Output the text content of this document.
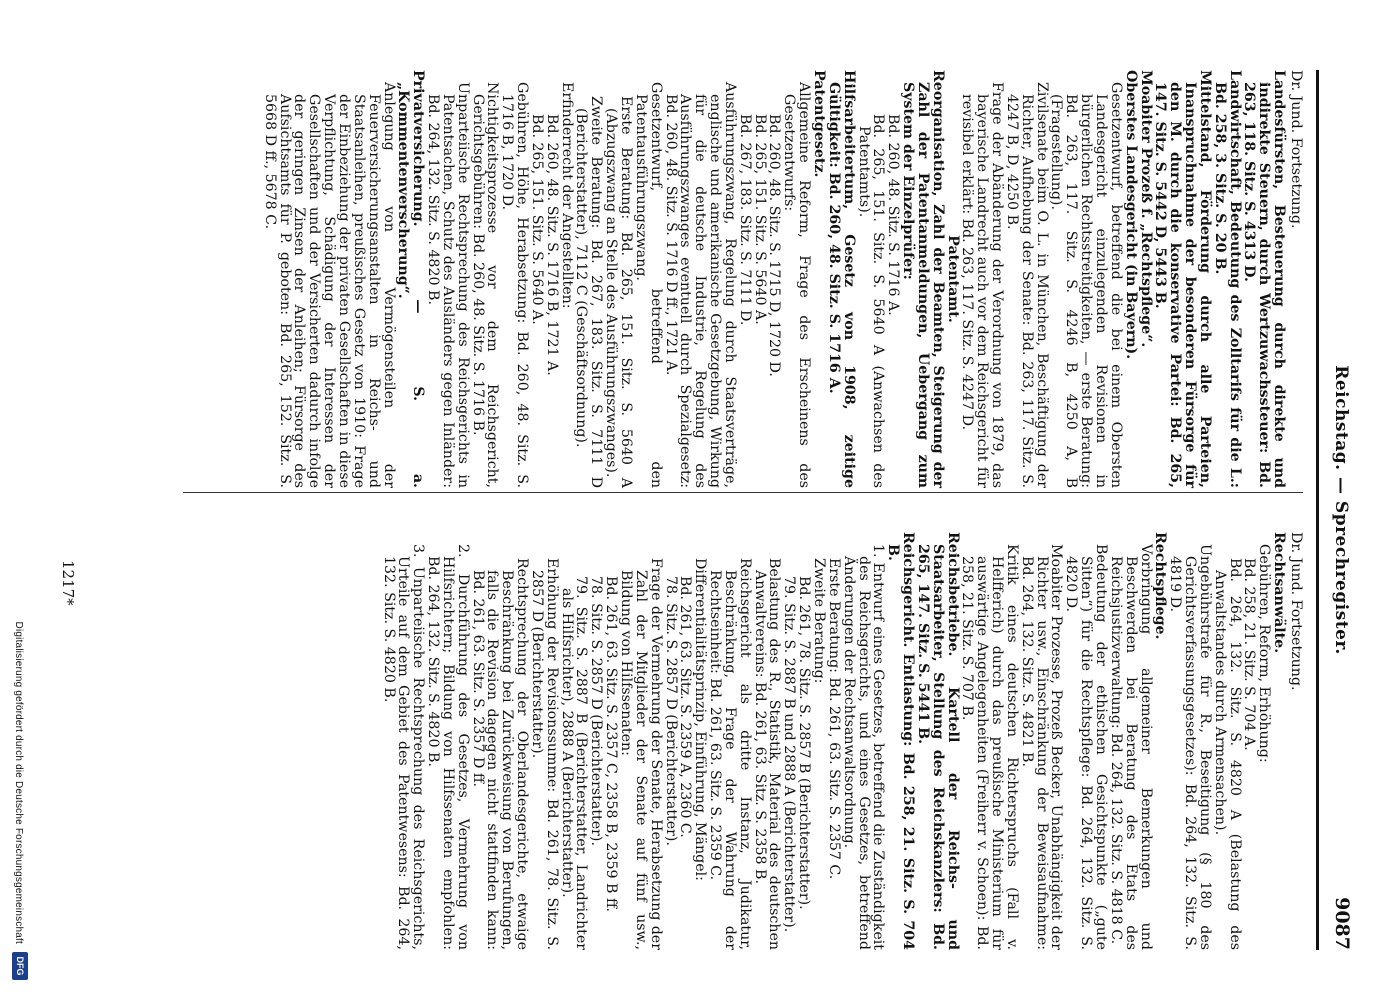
Reichstag. — Sprechregister.
9087

Dr. Jund. Fortsetzung.

Landesfürsten, Besteuerung durch direkte und indirekte Steuern, durch Wertzuwachssteuer: Bd. 263, 118. Sitz. S. 4313 D.

Landwirtschaft, Bedeutung des Zolltarifs für die L.: Bd. 258, 3. Sitz. S. 20 B.

Mittelstand, Förderung durch alle Parteien, Inanspruchnahme der besonderen Fürsorge für den M. durch die konservative Partei: Bd. 265, 147. Sitz. S. 5442 D, 5443 B.

Moabiter Prozeß f. „Rechtspflege“.

Oberstes Landesgericht (in Bayern).

Gesetzentwurf, betreffend die bei einem Obersten Landesgericht einzulegenden Revisionen in bürgerlichen Rechtsstreitigkeiten, — erste Beratung: Bd. 263, 117. Sitz. S. 4246 B, 4250 A, B (Fragestellung).

Zivilsenate beim O. L. in München, Beschäftigung der Richter, Aufhebung der Senate: Bd. 263, 117. Sitz. S. 4247 B, D, 4250 B.

Frage der Abänderung der Verordnung von 1879, das bayerische Landrecht auch vor dem Reichsgericht für revisibel erklärt: Bd. 263, 117. Sitz. S. 4247 D.

Patentamt.

Reorganisation, Zahl der Beamten, Steigerung der Zahl der Patentanmeldungen, Uebergang zum System der Einzelprüfer:

Bd. 260, 48. Sitz. S. 1716 A.

Bd. 265, 151. Sitz. S. 5640 A (Anwachsen des Patentamts).

Hilfsarbeitertum, Gesetz von 1908, zeitige Gültigkeit: Bd. 260, 48. Sitz. S. 1716 A.

Patentgesetz.

Allgemeine Reform, Frage des Erscheinens des Gesetzentwurfs:

Bd. 260, 48. Sitz. S. 1715 D, 1720 D.

Bd. 265, 151. Sitz. S. 5640 A.

Bd. 267, 183. Sitz. S. 7111 D.

Ausführungszwang, Regelung durch Staatsverträge, englische und amerikanische Gesetzgebung, Wirkung für die deutsche Industrie, Regelung des Ausführungszwanges eventuell durch Spezialgesetz: Bd. 260, 48. Sitz. S. 1716 D ff., 1721 A.

Gesetzentwurf, betreffend den Patentausführungszwang.

Erste Beratung: Bd. 265, 151. Sitz. S. 5640 A (Abzugszwang an Stelle des Ausführungszwanges).

Zweite Beratung: Bd. 267, 183. Sitz. S. 7111 D (Berichterstatter), 7112 C (Geschäftsordnung).

Erfinderrecht der Angestellten:

Bd. 260, 48. Sitz. S. 1716 B, 1721 A.

Bd. 265, 151. Sitz. S. 5640 A.

Gebühren, Höhe, Herabsetzung: Bd. 260, 48. Sitz. S. 1716 B, 1720 D.

Nichtigkeitsprozesse vor dem Reichsgericht, Gerichtsgebühren: Bd. 260, 48. Sitz. S. 1716 B.

Unparteiische Rechtsprechung des Reichsgerichts in Patentsachen, Schutz des Ausländers gegen Inländer: Bd. 264, 132. Sitz. S. 4820 B.

Privatversicherung. — S. a. „Kommentenverscherung“.

Anlegung von Vermögensteilen der Feuerversicherungsanstalten in Reichs- und Staatsanleihen, preußisches Gesetz von 1910: Frage der Einbeziehung der privaten Gesellschaften in diese Verpflichtung, Schädigung der Interessen der Gesellschaften und der Versicherten dadurch infolge der geringen Zinsen der Anleihen; Fürsorge des Aufsichtsamts für P. geboten: Bd. 265, 152. Sitz. S. 5668 D ff., 5678 C.

Dr. Jund. Fortsetzung.

Rechtsanwälte.

Gebühren, Reform, Erhöhung:

Bd. 258, 21. Sitz. S. 704 A.

Bd. 264, 132. Sitz. S. 4820 A (Belastung des Anwaltstandes durch Armensachen).

Ungebührstrafe für R., Beseitigung (§ 180 des Gerichtsverfassungsgesetzes): Bd. 264, 132. Sitz. S. 4819 D.

Rechtspflege.

Vorbringung allgemeiner Bemerkungen und Beschwerden bei Beratung des Etats des Reichsjustizverwaltung: Bd. 264, 132. Sitz. S. 4818 C.

Bedeutung der ethischen Gesichtspunkte („gute Sitten“) für die Rechtspflege: Bd. 264, 132. Sitz. S. 4820 D.

Moabiter Prozesse, Prozeß Becker, Unabhängigkeit der Richter usw., Einschränkung der Beweisaufnahme: Bd. 264, 132. Sitz. S. 4821 B.

Kritik eines deutschen Richterspruchs (Fall v. Helfferich) durch das preußische Ministerium für auswärtige Angelegenheiten (Freiherr v. Schoen): Bd. 258, 21. Sitz. S. 707 B.

Reichsbetriebe. Kartell der Reichs- und Staatsarbeiter, Stellung des Reichskanzlers: Bd. 265, 147. Sitz. S. 5441 B.

Reichsgericht. Entlastung: Bd. 258, 21. Sitz. S. 704 B.

1. Entwurf eines Gesetzes, betreffend die Zuständigkeit des Reichsgerichts, und eines Gesetzes, betreffend Änderungen der Rechtsanwaltsordnung.

Erste Beratung: Bd. 261, 63. Sitz. S. 2357 C.

Zweite Beratung:

Bd. 261, 78. Sitz. S. 2857 B (Berichterstatter).

79. Sitz. S. 2887 B und 2888 A (Berichterstatter).

Belastung des R., Statistik, Material des deutschen Anwaltvereins: Bd. 261, 63. Sitz. S. 2358 B.

Reichsgericht als dritte Instanz, Judikatur, Beschränkung, Frage der Wahrung der Rechtseinheit: Bd. 261, 63. Sitz. S. 2359 C.

Differentialitätsprinzip, Einführung, Mängel:

Bd. 261, 63. Sitz. S. 2359 A, 2360 C.

78. Sitz. S. 2857 D (Berichterstatter).

Frage der Vermehrung der Senate, Herabsetzung der Zahl der Mitglieder der Senate auf fünf usw., Bildung von Hilfssenaten:

Bd. 261, 63. Sitz. S. 2357 C, 2358 B, 2359 B ff.

78. Sitz. S. 2857 D (Berichterstatter).

79. Sitz. S. 2887 B (Berichterstatter, Landrichter als Hilfsrichter), 2888 A (Berichterstatter).

Erhöhung der Revisionssumme: Bd. 261, 78. Sitz. S. 2857 D (Berichterstatter).

Rechtsprechung der Oberlandesgerichte, etwaige Beschränkung bei Zurückweisung von Berufungen, falls die Revision dagegen nicht stattfinden kann: Bd. 261, 63. Sitz. S. 2357 D ff.

2. Durchführung des Gesetzes, Vermehrung von Hilfsrichtern; Bildung von Hilfssenaten empfohlen: Bd. 264, 132. Sitz. S. 4820 B.

3. Unparteiische Rechtsprechung des Reichsgerichts, Urteile auf dem Gebiet des Patentwesens: Bd. 264, 132. Sitz. S. 4820 B.

1217*
Digitalisierung gefördert durch die Deutsche Forschungsgemeinschaft
DFG
